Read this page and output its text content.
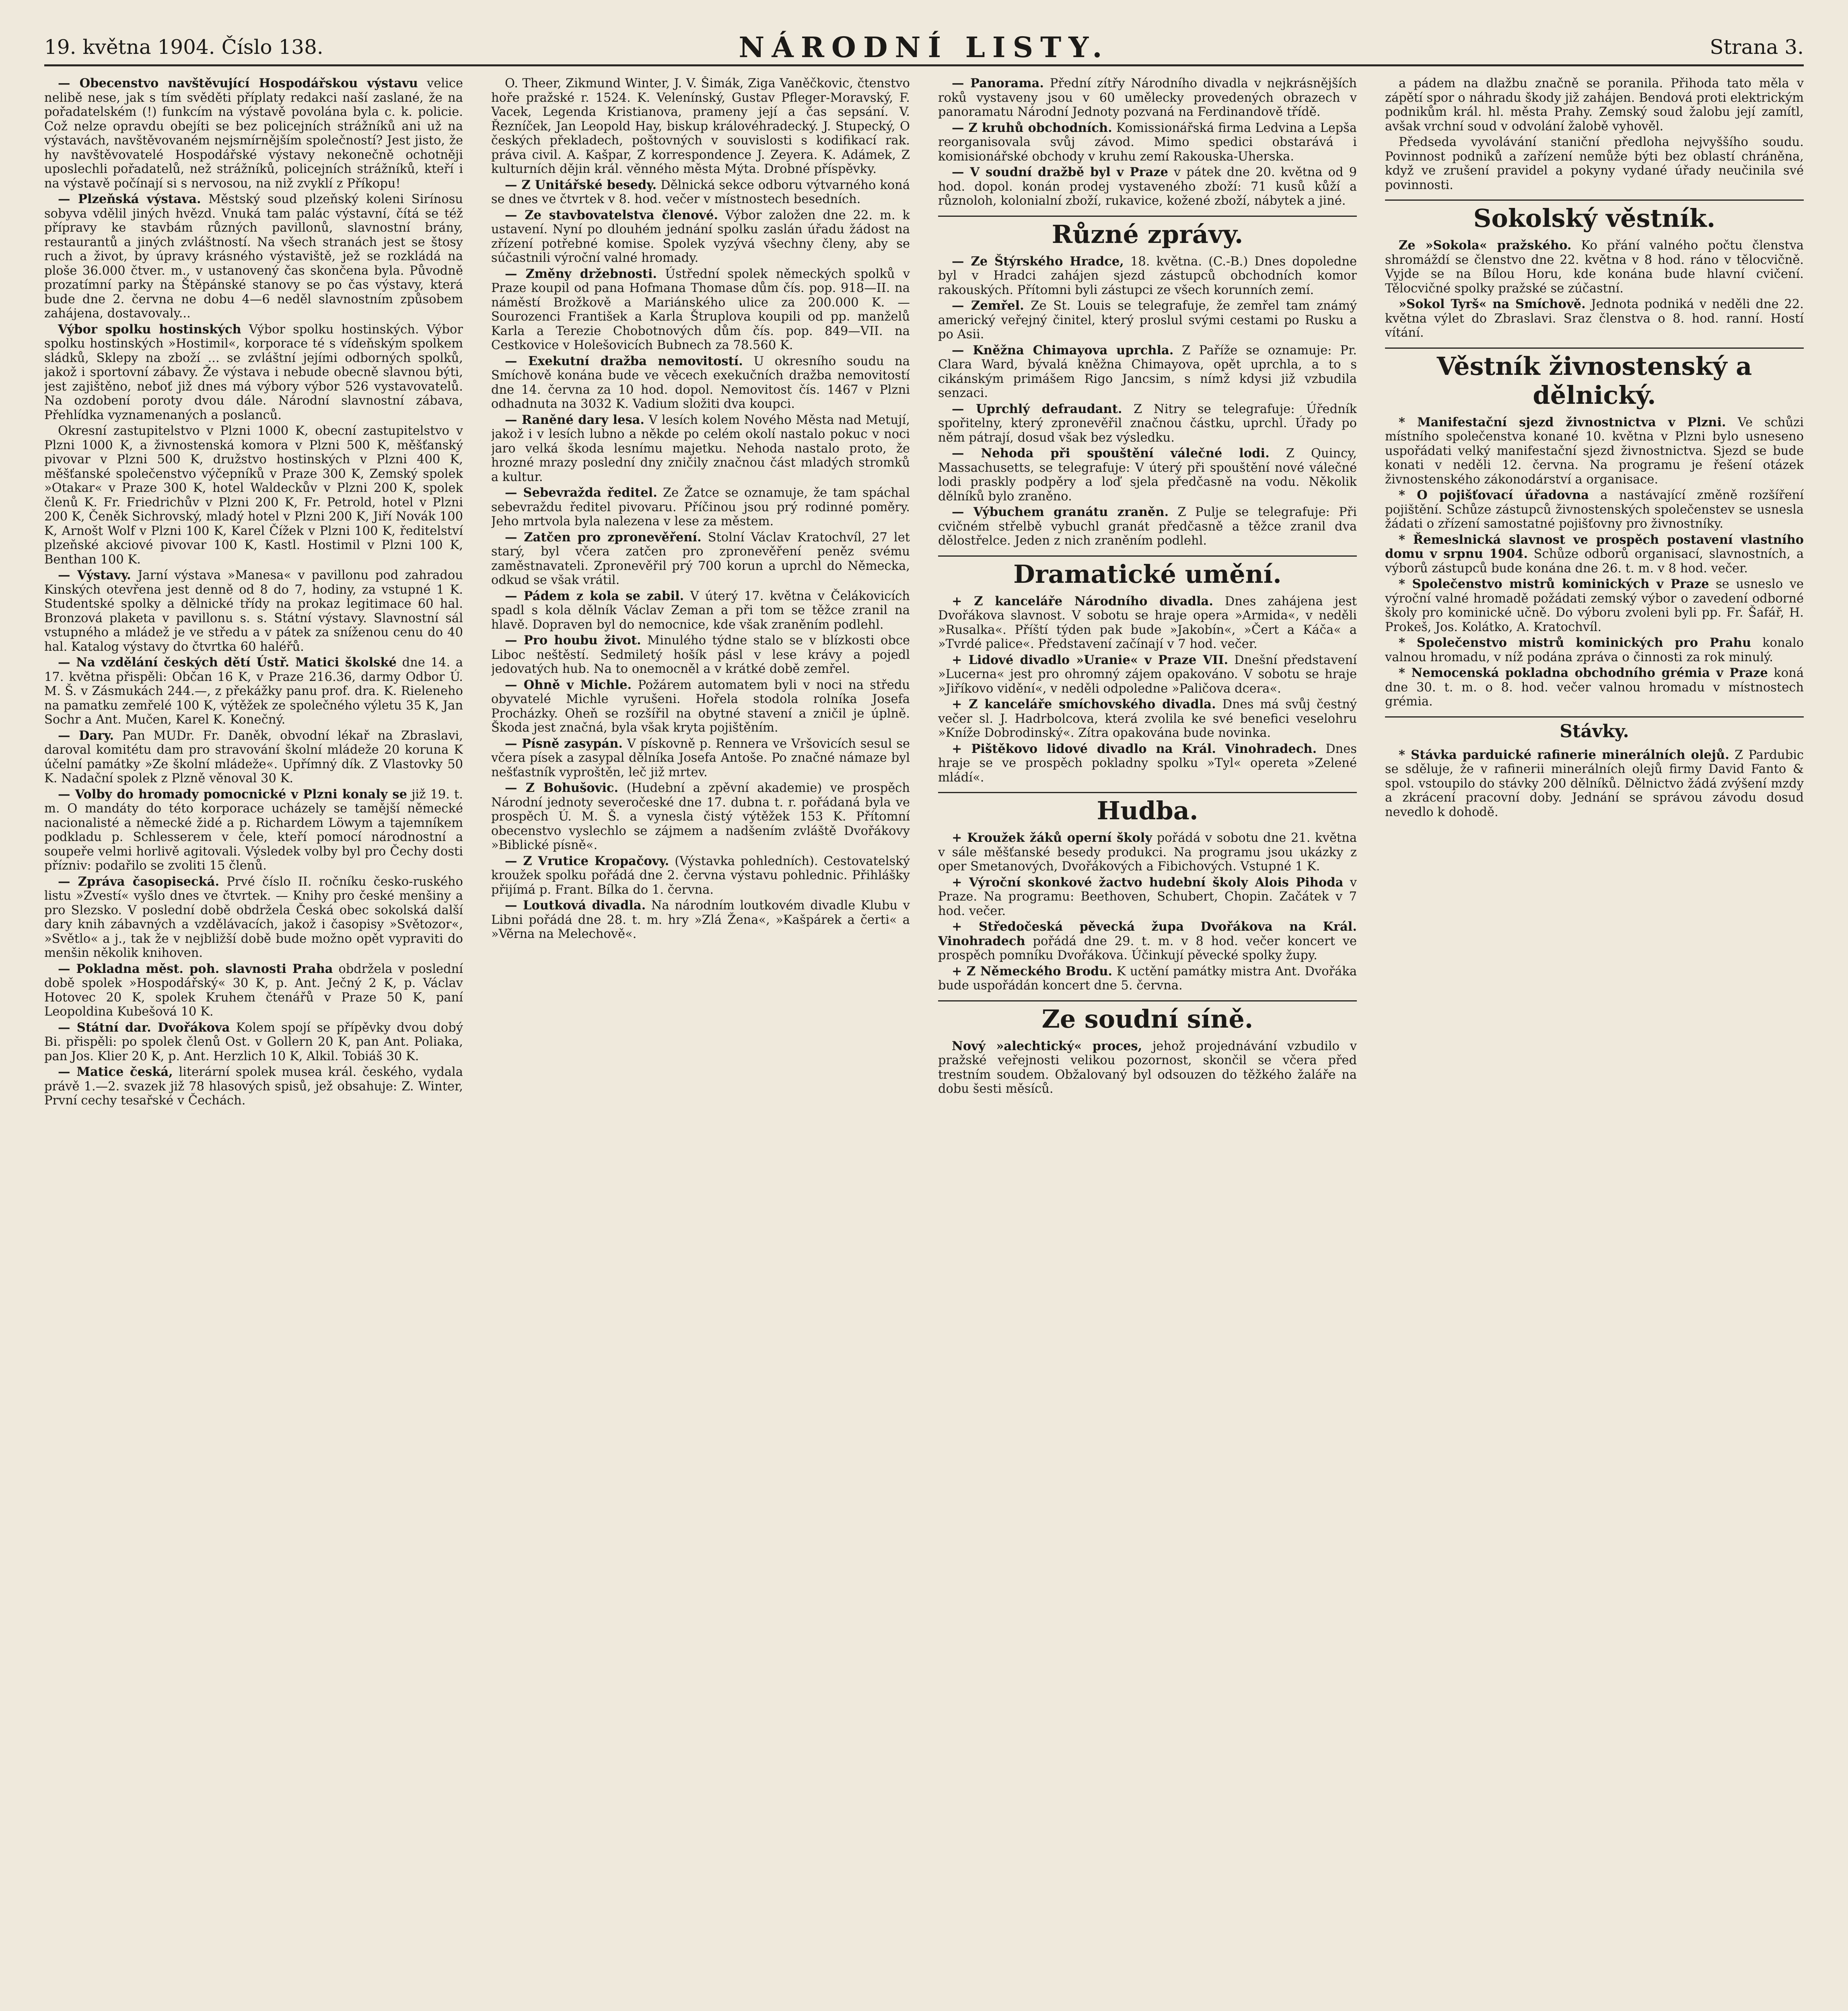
19. května 1904. Číslo 138.	NÁRODNÍ LISTY.	Strana 3.

— Obecenstvo navštěvující Hospodářskou výstavu velice nelibě nese, jak s tím svěděti příplaty redakci naší zaslané, že na pořadatelském (!) funkcím na výstavě povolána byla c. k. policie. Což nelze opravdu obejíti se bez policejních strážníků ani už na výstavách, navštěvovaném nejsmírnějším společností? Jest jisto, že hy navštěvovatelé Hospodářské výstavy nekonečně ochotněji uposlechli pořadatelů, než strážníků, policejních strážníků, kteří i na výstavě počínají si s nervosou, na niž zvyklí z Příkopu!

— Plzeňská výstava. Městský soud plzeňský koleni Sirínosu sobyva vdělil jiných hvězd. Vnuká tam palác výstavní, čítá se též přípravy ke stavbám různých pavillonů, slavnostní brány, restaurantů a jiných zvláštností. Na všech stranách jest se štosy ruch a život, by úpravy krásného výstaviště, jež se rozkládá na ploše 36.000 čtver. m., v ustanovený čas skončena byla. Původně prozatímní parky na Štěpánské stanovy se po čas výstavy, která bude dne 2. června ne dobu 4—6 neděl slavnostním způsobem zahájena, dostavovaly...

Výbor spolku hostinských Výbor spolku hostinských. Výbor spolku hostinských »Hostimil«, korporace té s vídeňským spolkem sládků, Sklepy na zboží ... se zvláštní jejími odborných spolků, jakož i sportovní zábavy. Že výstava i nebude obecně slavnou býti, jest zajištěno, neboť již dnes má výbory výbor 526 vystavovatelů. Na ozdobení poroty dvou dále. Národní slavnostní zábava, Přehlídka vyznamenaných a poslanců.

Okresní zastupitelstvo v Plzni 1000 K, obecní zastupitelstvo v Plzni 1000 K, a živnostenská komora v Plzni 500 K, měšťanský pivovar v Plzni 500 K, družstvo hostinských v Plzni 400 K, měšťanské společenstvo výčepníků v Praze 300 K, Zemský spolek »Otakar« v Praze 300 K, hotel Waldeckův v Plzni 200 K, spolek členů K. Fr. Friedrichův v Plzni 200 K, Fr. Petrold, hotel v Plzni 200 K, Čeněk Sichrovský, mladý hotel v Plzni 200 K, Jiří Novák 100 K, Arnošt Wolf v Plzni 100 K, Karel Čížek v Plzni 100 K, ředitelství plzeňské akciové pivovar 100 K, Kastl. Hostimil v Plzni 100 K, Benthan 100 K.

— Výstavy. Jarní výstava »Manesa« v pavillonu pod zahradou Kinských otevřena jest denně od 8 do 7, hodiny, za vstupné 1 K. Studentské spolky a dělnické třídy na prokaz legitimace 60 hal. Bronzová plaketa v pavillonu s. s. Státní výstavy. Slavnostní sál vstupného a mládež je ve středu a v pátek za sníženou cenu do 40 hal. Katalog výstavy do čtvrtka 60 haléřů.

— Na vzdělání českých dětí Ústř. Matici školské dne 14. a 17. května přispěli: Občan 16 K, v Praze 216.36, darmy Odbor Ú. M. Š. v Zásmukách 244.—, z překážky panu prof. dra. K. Rieleneho na pamatku zemřelé 100 K, výtěžek ze společného výletu 35 K, Jan Sochr a Ant. Mučen, Karel K. Konečný.

— Dary. Pan MUDr. Fr. Daněk, obvodní lékař na Zbraslavi, daroval komitétu dam pro stravování školní mládeže 20 koruna K účelní památky »Ze školní mládeže«. Upřímný dík. Z Vlastovky 50 K. Nadační spolek z Plzně věnoval 30 K.

— Volby do hromady pomocnické v Plzni konaly se již 19. t. m. O mandáty do této korporace ucházely se tamější německé nacionalisté a německé židé a p. Richardem Löwym a tajemníkem podkladu p. Schlesserem v čele, kteří pomocí národnostní a soupeře velmi horlivě agitovali. Výsledek volby byl pro Čechy dosti přízniv: podařilo se zvoliti 15 členů.

— Zpráva časopisecká. Prvé číslo II. ročníku česko-ruského listu »Zvestí« vyšlo dnes ve čtvrtek. — Knihy pro české menšiny a pro Slezsko. V poslední době obdržela Česká obec sokolská další dary knih zábavných a vzdělávacích, jakož i časopisy »Světozor«, »Světlo« a j., tak že v nejbližší době bude možno opět vypraviti do menšin několik knihoven.

— Pokladna měst. poh. slavnosti Praha obdržela v poslední době spolek »Hospodářský« 30 K, p. Ant. Ječný 2 K, p. Václav Hotovec 20 K, spolek Kruhem čtenářů v Praze 50 K, paní Leopoldina Kubešová 10 K.

— Státní dar. Dvořákova Kolem spojí se přípěvky dvou dobý Bi. přispěli: po spolek členů Ost. v Gollern 20 K, pan Ant. Poliaka, pan Jos. Klier 20 K, p. Ant. Herzlich 10 K, Alkil. Tobiáš 30 K.

— Matice česká, literární spolek musea král. českého, vydala právě 1.—2. svazek již 78 hlasových spisů, jež obsahuje: Z. Winter, První cechy tesařské v Čechách.

O. Theer, Zikmund Winter, J. V. Šimák, Ziga Vaněčkovic, čtenstvo hoře pražské r. 1524. K. Velenínský, Gustav Pfleger-Moravský, F. Vacek, Legenda Kristianova, prameny její a čas sepsání. V. Řezníček, Jan Leopold Hay, biskup královéhradecký. J. Stupecký, O českých překladech, poštovných v souvislosti s kodifikací rak. práva civil. A. Kašpar, Z korrespondence J. Zeyera. K. Adámek, Z kulturních dějin král. věnného města Mýta. Drobné příspěvky.

— Z Unitářské besedy. Dělnická sekce odboru výtvarného koná se dnes ve čtvrtek v 8. hod. večer v místnostech besedních.

— Ze stavbovatelstva členové. Výbor založen dne 22. m. k ustavení. Nyní po dlouhém jednání spolku zaslán úřadu žádost na zřízení potřebné komise. Spolek vyzývá všechny členy, aby se súčastnili výroční valné hromady.

— Změny držebnosti. Ústřední spolek německých spolků v Praze koupil od pana Hofmana Thomase dům čís. pop. 918—II. na náměstí Brožkově a Mariánského ulice za 200.000 K. — Sourozenci František a Karla Štruplova koupili od pp. manželů Karla a Terezie Chobotnových dům čís. pop. 849—VII. na Cestkovice v Holešovicích Bubnech za 78.560 K.

— Exekutní dražba nemovitostí. U okresního soudu na Smíchově konána bude ve věcech exekučních dražba nemovitostí dne 14. června za 10 hod. dopol. Nemovitost čís. 1467 v Plzni odhadnuta na 3032 K. Vadium složiti dva koupci.

— Raněné dary lesa. V lesích kolem Nového Města nad Metují, jakož i v lesích lubno a někde po celém okolí nastalo pokuc v noci jaro velká škoda lesnímu majetku. Nehoda nastalo proto, že hrozné mrazy poslední dny zničily značnou část mladých stromků a kultur.

— Sebevražda ředitel. Ze Žatce se oznamuje, že tam spáchal sebevraždu ředitel pivovaru. Příčinou jsou prý rodinné poměry. Jeho mrtvola byla nalezena v lese za městem.

— Zatčen pro zpronevěření. Stolní Václav Kratochvíl, 27 let starý, byl včera zatčen pro zpronevěření peněz svému zaměstnavateli. Zpronevěřil prý 700 korun a uprchl do Německa, odkud se však vrátil.

— Pádem z kola se zabil. V úterý 17. května v Čelákovicích spadl s kola dělník Václav Zeman a při tom se těžce zranil na hlavě. Dopraven byl do nemocnice, kde však zraněním podlehl.

— Pro houbu život. Minulého týdne stalo se v blízkosti obce Liboc neštěstí. Sedmiletý hošík pásl v lese krávy a pojedl jedovatých hub. Na to onemocněl a v krátké době zemřel.

— Ohně v Michle. Požárem automatem byli v noci na středu obyvatelé Michle vyrušeni. Hořela stodola rolníka Josefa Procházky. Oheň se rozšířil na obytné stavení a zničil je úplně. Škoda jest značná, byla však kryta pojištěním.

— Písně zasypán. V pískovně p. Rennera ve Vršovicích sesul se včera písek a zasypal dělníka Josefa Antoše. Po značné námaze byl nešťastník vyproštěn, leč již mrtev.

— Z Bohušovic. (Hudební a zpěvní akademie) ve prospěch Národní jednoty severočeské dne 17. dubna t. r. pořádaná byla ve prospěch Ú. M. Š. a vynesla čistý výtěžek 153 K. Přítomní obecenstvo vyslechlo se zájmem a nadšením zvláště Dvořákovy »Biblické písně«.

— Z Vrutice Kropačovy. (Výstavka pohledních). Cestovatelský kroužek spolku pořádá dne 2. června výstavu pohlednic. Přihlášky přijímá p. Frant. Bílka do 1. června.

— Loutková divadla. Na národním loutkovém divadle Klubu v Libni pořádá dne 28. t. m. hry »Zlá Žena«, »Kašpárek a čerti« a »Věrna na Melechově«.

— Panorama. Přední zítřy Národního divadla v nejkrásnějších roků vystaveny jsou v 60 umělecky provedených obrazech v panoramatu Národní Jednoty pozvaná na Ferdinandově třídě.

— Z kruhů obchodních. Komissionářská firma Ledvina a Lepša reorganisovala svůj závod. Mimo spedici obstarává i komisionářské obchody v kruhu zemí Rakouska-Uherska.

— V soudní dražbě byl v Praze v pátek dne 20. května od 9 hod. dopol. konán prodej vystaveného zboží: 71 kusů kůží a různoloh, kolonialní zboží, rukavice, kožené zboží, nábytek a jiné.

Různé zprávy.

— Ze Štýrského Hradce, 18. května. (C.-B.) Dnes dopoledne byl v Hradci zahájen sjezd zástupců obchodních komor rakouských. Přítomni byli zástupci ze všech korunních zemí.

— Zemřel. Ze St. Louis se telegrafuje, že zemřel tam známý americký veřejný činitel, který proslul svými cestami po Rusku a po Asii.

— Kněžna Chimayova uprchla. Z Paříže se oznamuje: Pr. Clara Ward, bývalá kněžna Chimayova, opět uprchla, a to s cikánským primášem Rigo Jancsim, s nímž kdysi již vzbudila senzaci.

— Uprchlý defraudant. Z Nitry se telegrafuje: Úředník spořitelny, který zpronevěřil značnou částku, uprchl. Úřady po něm pátrají, dosud však bez výsledku.

— Nehoda při spouštění válečné lodi. Z Quincy, Massachusetts, se telegrafuje: V úterý při spouštění nové válečné lodi praskly podpěry a loď sjela předčasně na vodu. Několik dělníků bylo zraněno.

— Výbuchem granátu zraněn. Z Pulje se telegrafuje: Při cvičném střelbě vybuchl granát předčasně a těžce zranil dva dělostřelce. Jeden z nich zraněním podlehl.

Dramatické umění.

+ Z kanceláře Národního divadla. Dnes zahájena jest Dvořákova slavnost. V sobotu se hraje opera »Armida«, v neděli »Rusalka«. Příští týden pak bude »Jakobín«, »Čert a Káča« a »Tvrdé palice«. Představení začínají v 7 hod. večer.

+ Lidové divadlo »Uranie« v Praze VII. Dnešní představení »Lucerna« jest pro ohromný zájem opakováno. V sobotu se hraje »Jiříkovo vidění«, v neděli odpoledne »Paličova dcera«.

+ Z kanceláře smíchovského divadla. Dnes má svůj čestný večer sl. J. Hadrbolcova, která zvolila ke své benefici veselohru »Kníže Dobrodinský«. Zítra opakována bude novinka.

+ Pištěkovo lidové divadlo na Král. Vinohradech. Dnes hraje se ve prospěch pokladny spolku »Tyl« opereta »Zelené mládí«.

Hudba.

+ Kroužek žáků operní školy pořádá v sobotu dne 21. května v sále měšťanské besedy produkci. Na programu jsou ukázky z oper Smetanových, Dvořákových a Fibichových. Vstupné 1 K.

+ Výroční skonkové žactvo hudební školy Alois Pihoda v Praze. Na programu: Beethoven, Schubert, Chopin. Začátek v 7 hod. večer.

+ Středočeská pěvecká župa Dvořákova na Král. Vinohradech pořádá dne 29. t. m. v 8 hod. večer koncert ve prospěch pomníku Dvořákova. Účinkují pěvecké spolky župy.

+ Z Německého Brodu. K uctění památky mistra Ant. Dvořáka bude uspořádán koncert dne 5. června.

Ze soudní síně.

Nový »alechtický« proces, jehož projednávání vzbudilo v pražské veřejnosti velikou pozornost, skončil se včera před trestním soudem. Obžalovaný byl odsouzen do těžkého žaláře na dobu šesti měsíců.

a pádem na dlažbu značně se poranila. Přihoda tato měla v zápětí spor o náhradu škody již zahájen. Bendová proti elektrickým podnikům král. hl. města Prahy. Zemský soud žalobu její zamítl, avšak vrchní soud v odvolání žalobě vyhověl.

Předseda vyvolávání staniční předloha nejvyššího soudu. Povinnost podniků a zařízení nemůže býti bez oblastí chráněna, když ve zrušení pravidel a pokyny vydané úřady neučinila své povinnosti.

Sokolský věstník.

Ze »Sokola« pražského. Ko přání valného počtu členstva shromáždí se členstvo dne 22. května v 8 hod. ráno v tělocvičně. Vyjde se na Bílou Horu, kde konána bude hlavní cvičení. Tělocvičné spolky pražské se zúčastní.

»Sokol Tyrš« na Smíchově. Jednota podniká v neděli dne 22. května výlet do Zbraslavi. Sraz členstva o 8. hod. ranní. Hostí vítání.

Věstník živnostenský a dělnický.

* Manifestační sjezd živnostnictva v Plzni. Ve schůzi místního společenstva konané 10. května v Plzni bylo usneseno uspořádati velký manifestační sjezd živnostnictva. Sjezd se bude konati v neděli 12. června. Na programu je řešení otázek živnostenského zákonodárství a organisace.

* O pojišťovací úřadovna a nastávající změně rozšíření pojištění. Schůze zástupců živnostenských společenstev se usnesla žádati o zřízení samostatné pojišťovny pro živnostníky.

* Řemeslnická slavnost ve prospěch postavení vlastního domu v srpnu 1904. Schůze odborů organisací, slavnostních, a výborů zástupců bude konána dne 26. t. m. v 8 hod. večer.

* Společenstvo mistrů kominických v Praze se usneslo ve výroční valné hromadě požádati zemský výbor o zavedení odborné školy pro kominické učně. Do výboru zvoleni byli pp. Fr. Šafář, H. Prokeš, Jos. Kolátko, A. Kratochvíl.

* Společenstvo mistrů kominických pro Prahu konalo valnou hromadu, v níž podána zpráva o činnosti za rok minulý.

* Nemocenská pokladna obchodního grémia v Praze koná dne 30. t. m. o 8. hod. večer valnou hromadu v místnostech grémia.

Stávky.

* Stávka parduické rafinerie minerálních olejů. Z Pardubic se sděluje, že v rafinerii minerálních olejů firmy David Fanto & spol. vstoupilo do stávky 200 dělníků. Dělnictvo žádá zvýšení mzdy a zkrácení pracovní doby. Jednání se správou závodu dosud nevedlo k dohodě.
